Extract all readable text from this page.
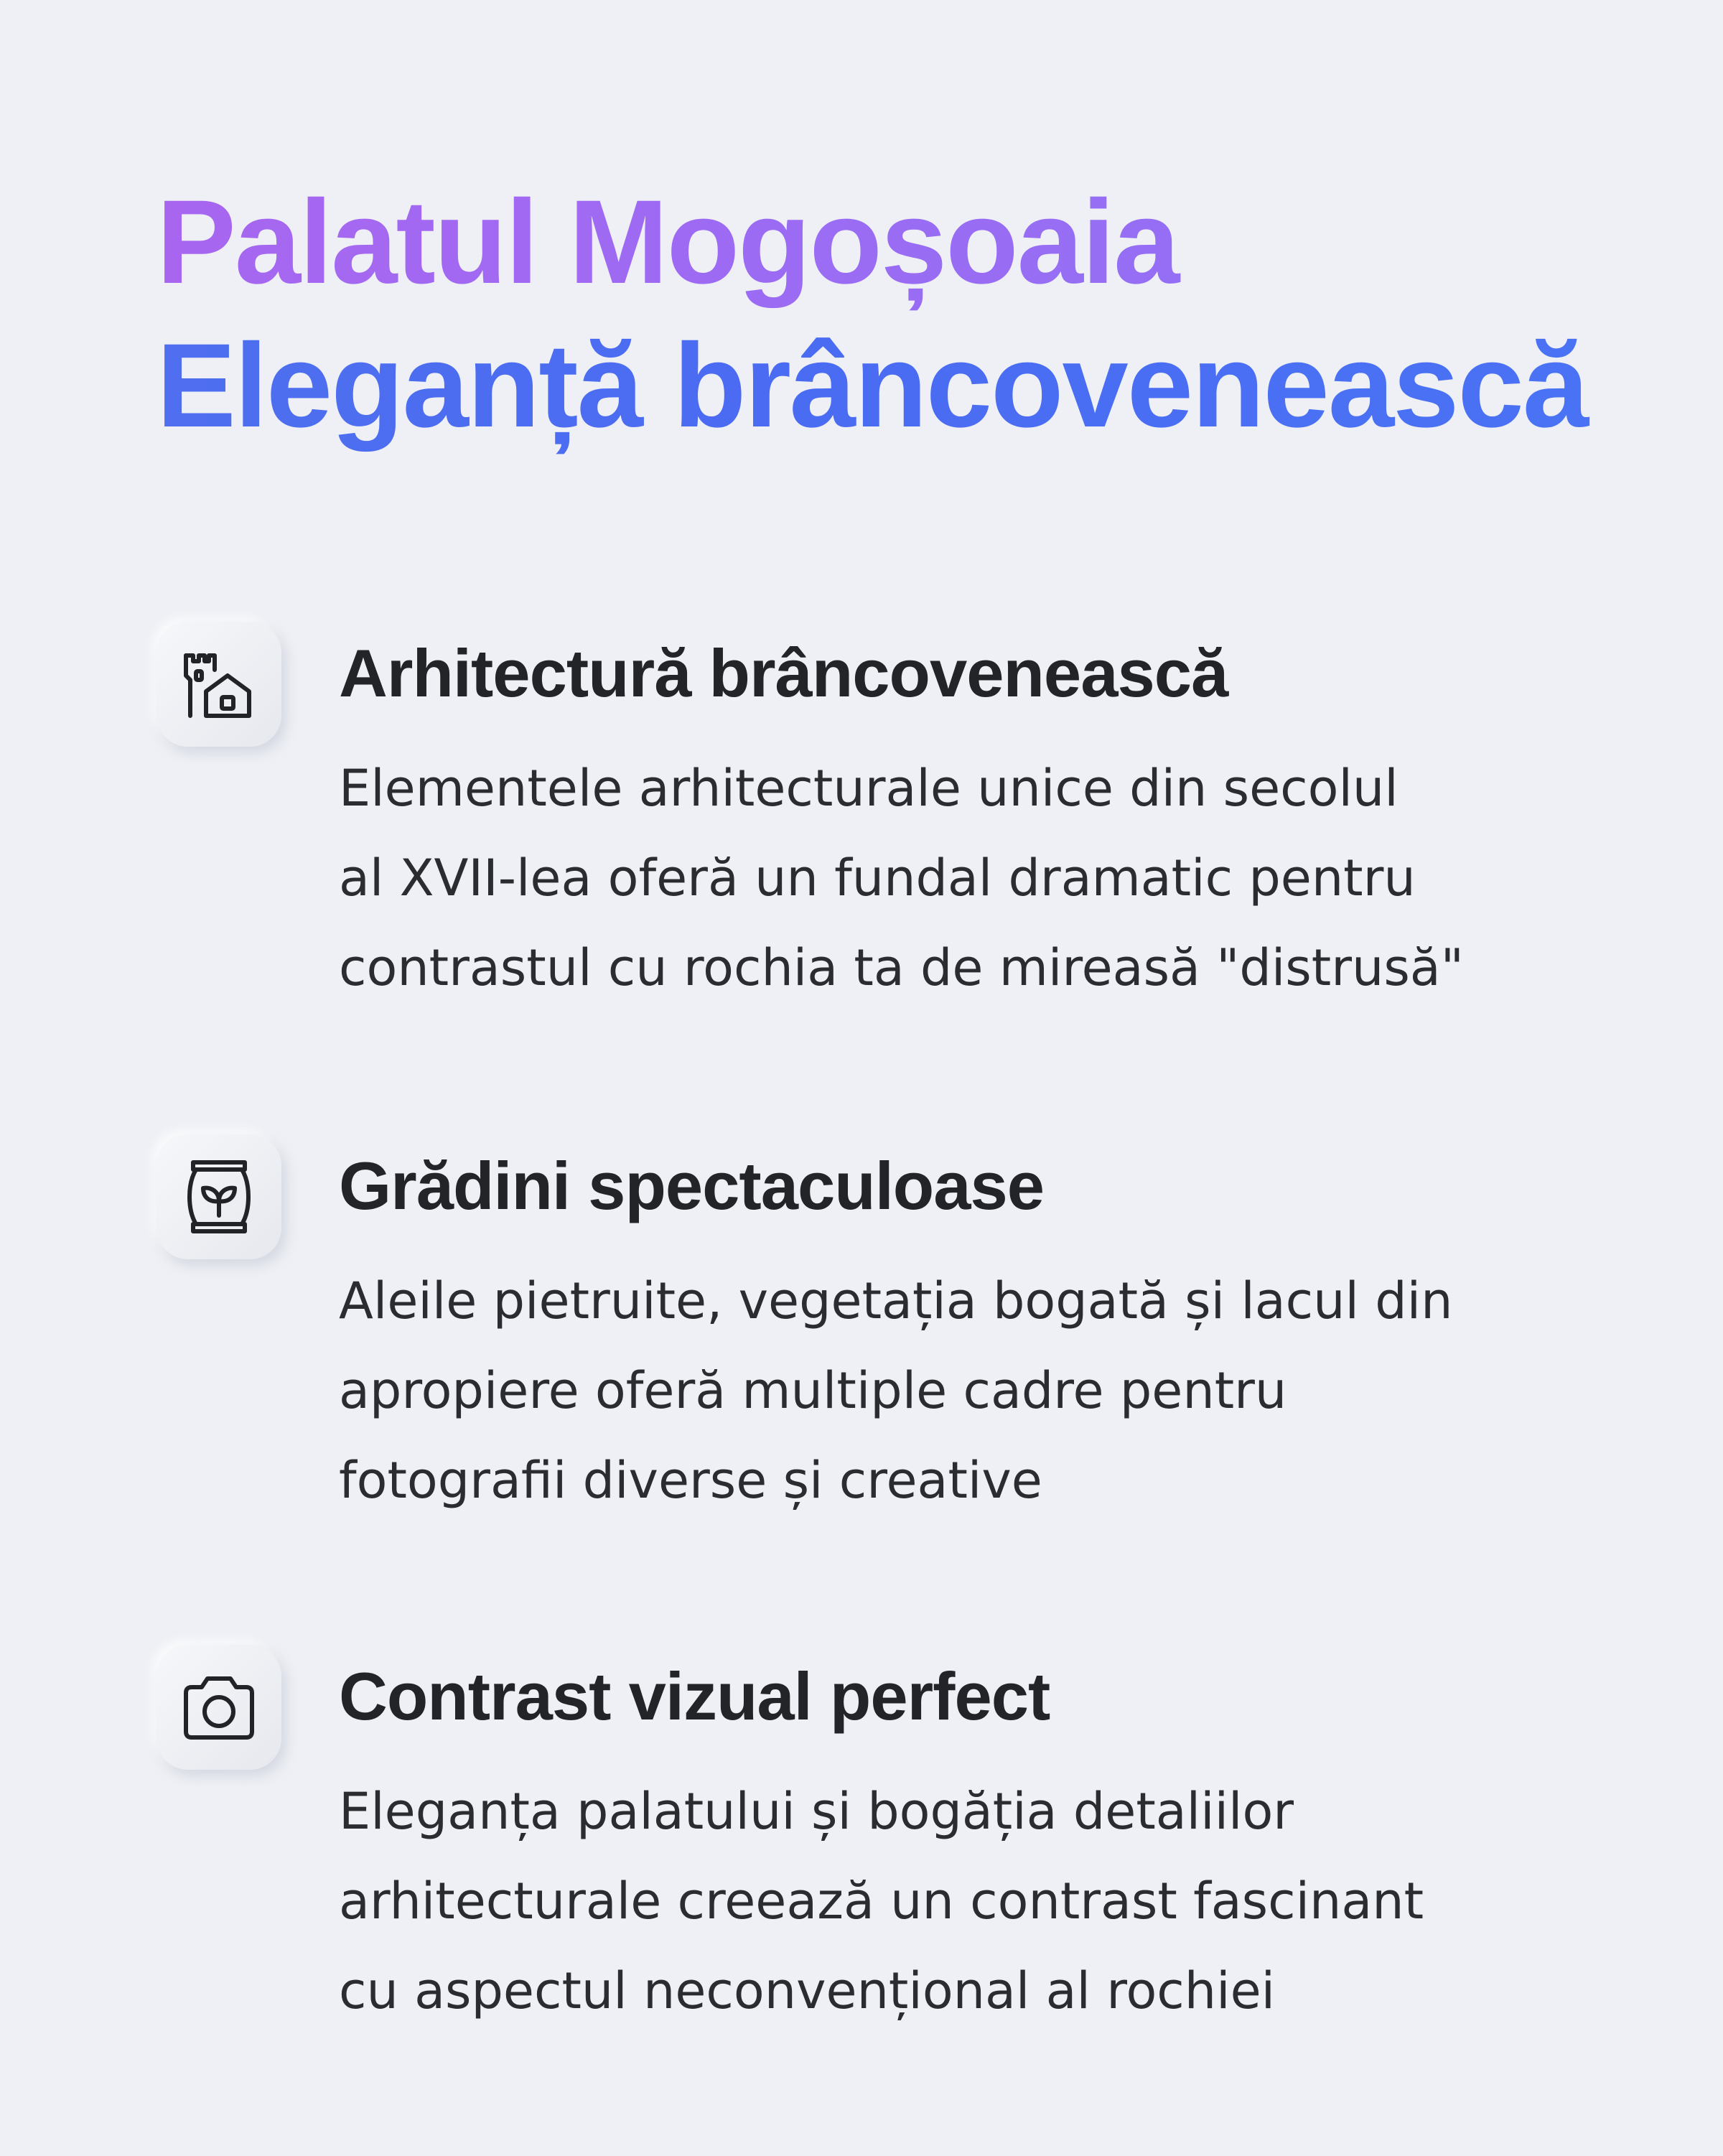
Palatul Mogoșoaia
Eleganță brâncovenească
Arhitectură brâncovenească
Elementele arhitecturale unice din secolul
al XVII-lea oferă un fundal dramatic pentru
contrastul cu rochia ta de mireasă "distrusă"
Grădini spectaculoase
Aleile pietruite, vegetația bogată și lacul din
apropiere oferă multiple cadre pentru
fotografii diverse și creative
Contrast vizual perfect
Eleganța palatului și bogăția detaliilor
arhitecturale creează un contrast fascinant
cu aspectul neconvențional al rochiei
